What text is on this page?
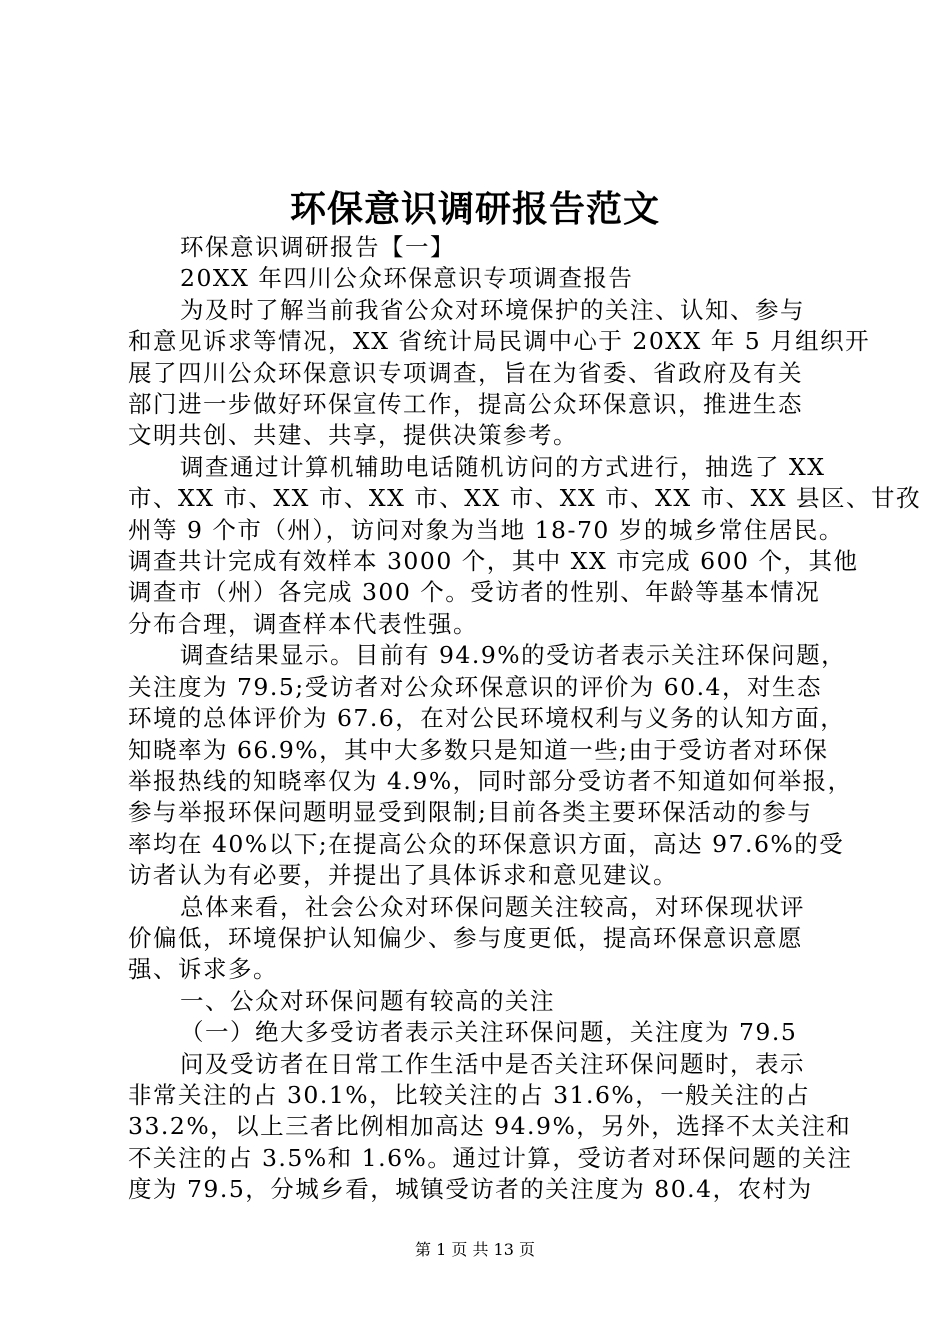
环保意识调研报告范文
环保意识调研报告【一】
20XX 年四川公众环保意识专项调查报告
为及时了解当前我省公众对环境保护的关注、认知、参与
和意见诉求等情况，XX 省统计局民调中心于 20XX 年 5 月组织开
展了四川公众环保意识专项调查，旨在为省委、省政府及有关
部门进一步做好环保宣传工作，提高公众环保意识，推进生态
文明共创、共建、共享，提供决策参考。
调查通过计算机辅助电话随机访问的方式进行，抽选了 XX
市、XX 市、XX 市、XX 市、XX 市、XX 市、XX 市、XX 县区、甘孜
州等 9 个市（州），访问对象为当地 18-70 岁的城乡常住居民。
调查共计完成有效样本 3000 个，其中 XX 市完成 600 个，其他
调查市（州）各完成 300 个。受访者的性别、年龄等基本情况
分布合理，调查样本代表性强。
调查结果显示。目前有 94.9%的受访者表示关注环保问题，
关注度为 79.5;受访者对公众环保意识的评价为 60.4，对生态
环境的总体评价为 67.6，在对公民环境权利与义务的认知方面，
知晓率为 66.9%，其中大多数只是知道一些;由于受访者对环保
举报热线的知晓率仅为 4.9%，同时部分受访者不知道如何举报，
参与举报环保问题明显受到限制;目前各类主要环保活动的参与
率均在 40%以下;在提高公众的环保意识方面，高达 97.6%的受
访者认为有必要，并提出了具体诉求和意见建议。
总体来看，社会公众对环保问题关注较高，对环保现状评
价偏低，环境保护认知偏少、参与度更低，提高环保意识意愿
强、诉求多。
一、公众对环保问题有较高的关注
（一）绝大多受访者表示关注环保问题，关注度为 79.5
问及受访者在日常工作生活中是否关注环保问题时，表示
非常关注的占 30.1%，比较关注的占 31.6%，一般关注的占
33.2%，以上三者比例相加高达 94.9%，另外，选择不太关注和
不关注的占 3.5%和 1.6%。通过计算，受访者对环保问题的关注
度为 79.5，分城乡看，城镇受访者的关注度为 80.4，农村为
第 1 页 共 13 页
